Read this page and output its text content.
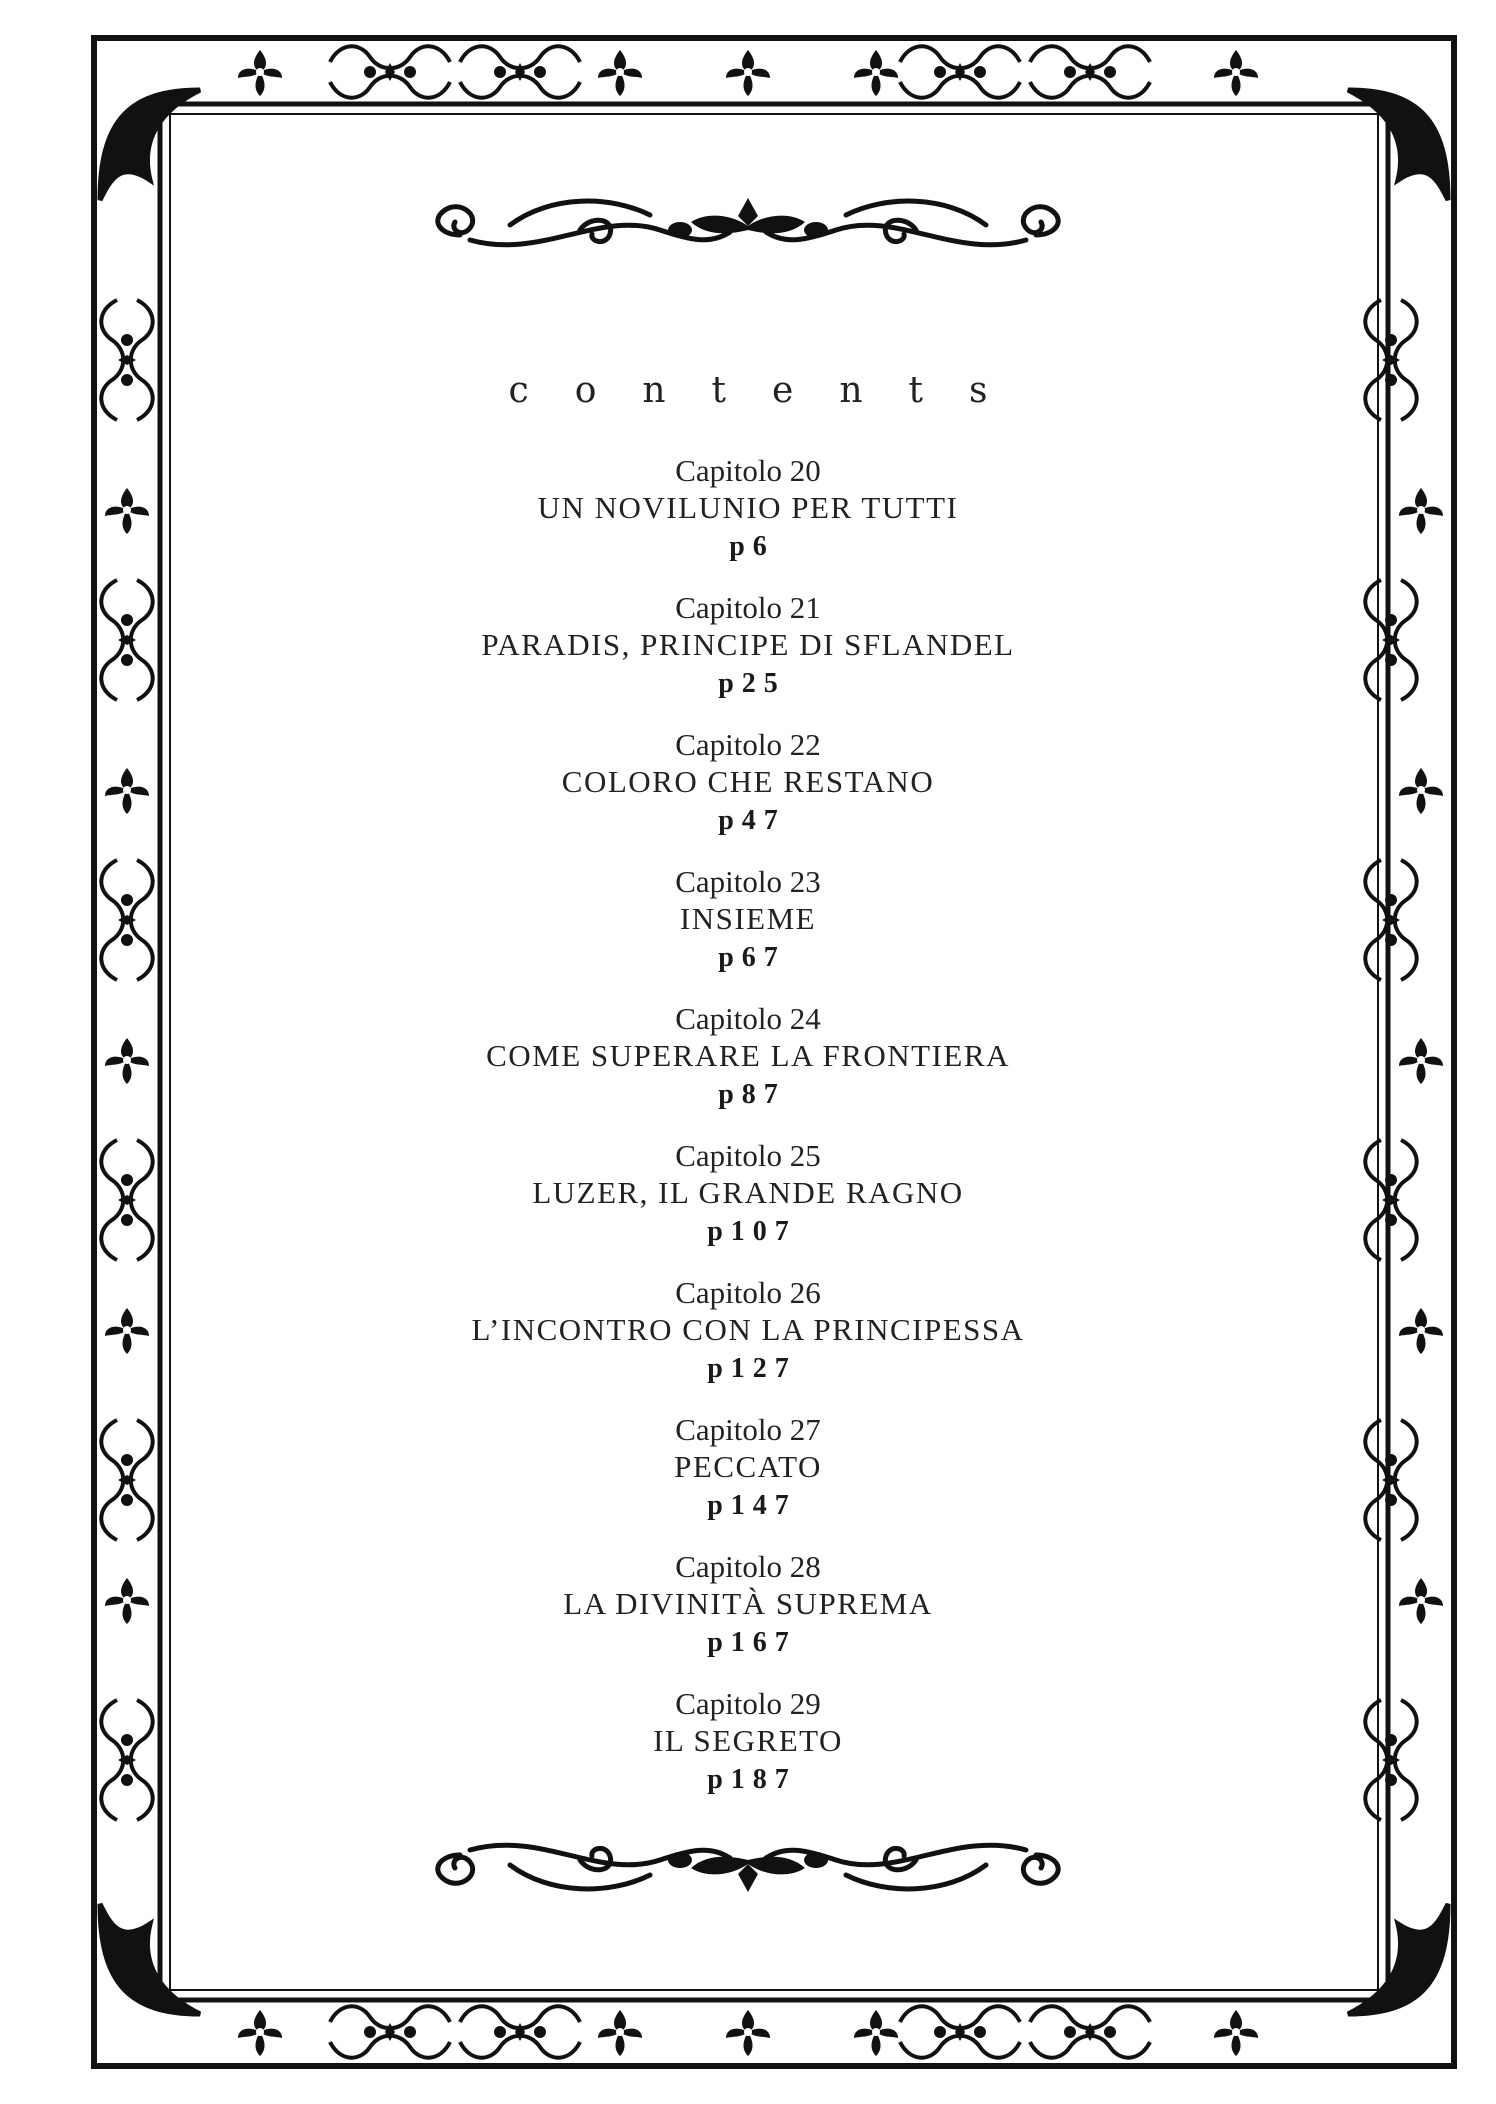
contents
Capitolo 20
UN NOVILUNIO PER TUTTI
p6
Capitolo 21
PARADIS, PRINCIPE DI SFLANDEL
p25
Capitolo 22
COLORO CHE RESTANO
p47
Capitolo 23
INSIEME
p67
Capitolo 24
COME SUPERARE LA FRONTIERA
p87
Capitolo 25
LUZER, IL GRANDE RAGNO
p107
Capitolo 26
L’INCONTRO CON LA PRINCIPESSA
p127
Capitolo 27
PECCATO
p147
Capitolo 28
LA DIVINITÀ SUPREMA
p167
Capitolo 29
IL SEGRETO
p187
